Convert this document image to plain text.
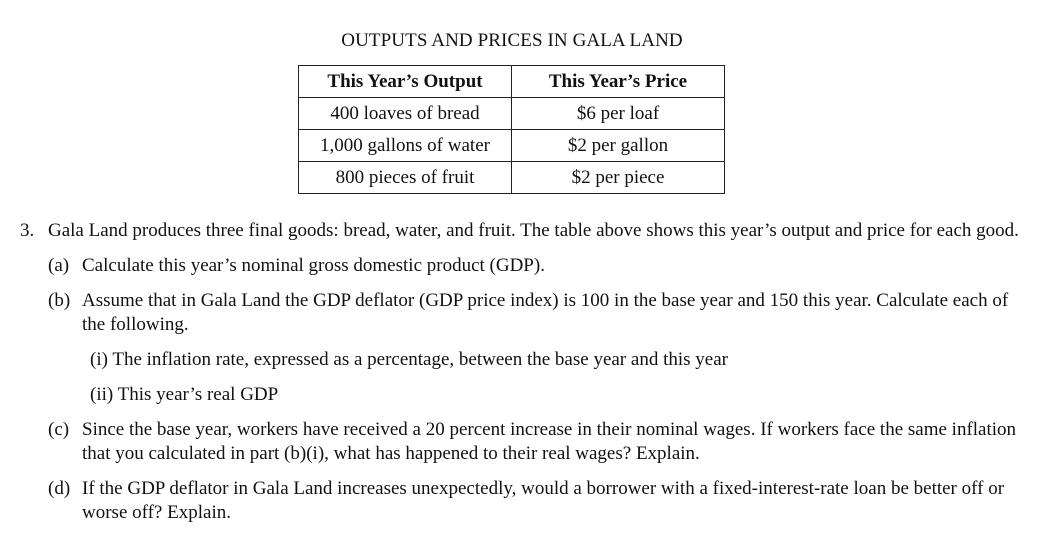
OUTPUTS AND PRICES IN GALA LAND
This Year’s Output	This Year’s Price
400 loaves of bread	$6 per loaf
1,000 gallons of water	$2 per gallon
800 pieces of fruit	$2 per piece
3. Gala Land produces three final goods: bread, water, and fruit. The table above shows this year’s output and price for each good.
(a) Calculate this year’s nominal gross domestic product (GDP).
(b) Assume that in Gala Land the GDP deflator (GDP price index) is 100 in the base year and 150 this year. Calculate each of the following.
(i) The inflation rate, expressed as a percentage, between the base year and this year
(ii) This year’s real GDP
(c) Since the base year, workers have received a 20 percent increase in their nominal wages. If workers face the same inflation that you calculated in part (b)(i), what has happened to their real wages? Explain.
(d) If the GDP deflator in Gala Land increases unexpectedly, would a borrower with a fixed-interest-rate loan be better off or worse off? Explain.
